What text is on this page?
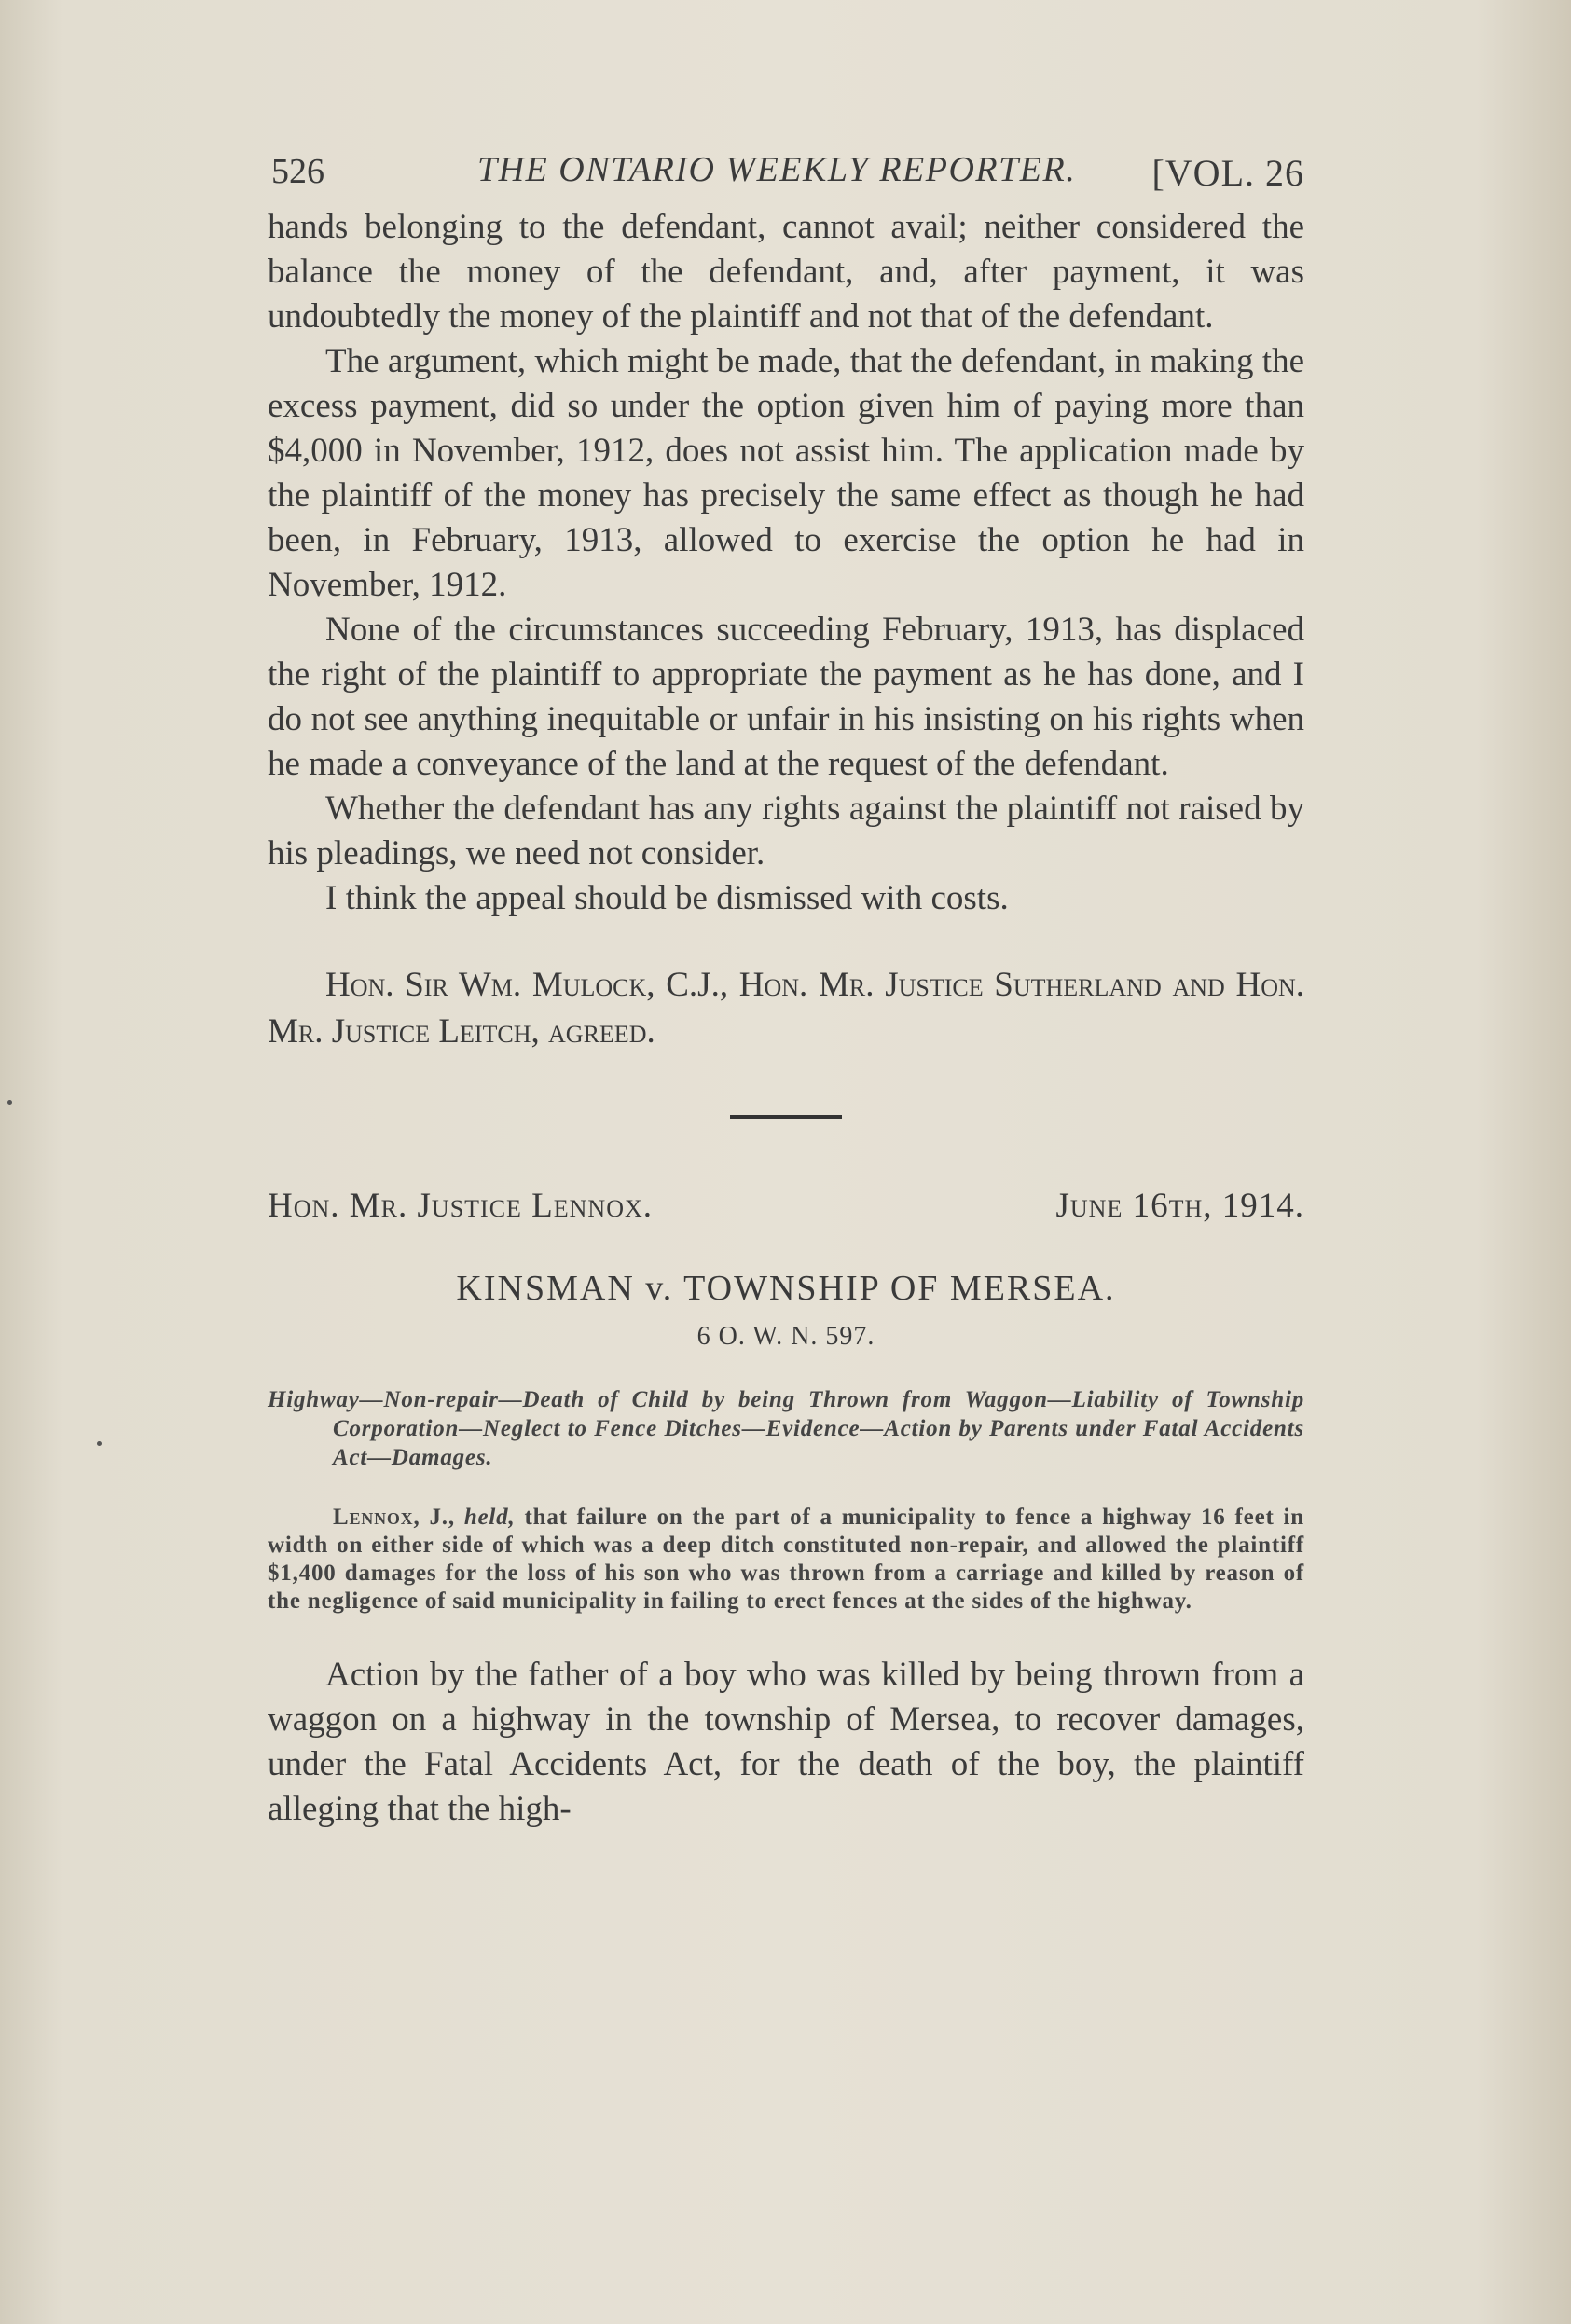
526	THE ONTARIO WEEKLY REPORTER. [VOL. 26

hands belonging to the defendant, cannot avail; neither considered the balance the money of the defendant, and, after payment, it was undoubtedly the money of the plaintiff and not that of the defendant.

The argument, which might be made, that the defendant, in making the excess payment, did so under the option given him of paying more than $4,000 in November, 1912, does not assist him. The application made by the plaintiff of the money has precisely the same effect as though he had been, in February, 1913, allowed to exercise the option he had in November, 1912.

None of the circumstances succeeding February, 1913, has displaced the right of the plaintiff to appropriate the payment as he has done, and I do not see anything inequitable or unfair in his insisting on his rights when he made a conveyance of the land at the request of the defendant.

Whether the defendant has any rights against the plaintiff not raised by his pleadings, we need not consider.

I think the appeal should be dismissed with costs.

Hon. Sir Wm. Mulock, C.J., Hon. Mr. Justice Sutherland and Hon. Mr. Justice Leitch, agreed.

Hon. Mr. Justice Lennox.	June 16th, 1914.
KINSMAN v. TOWNSHIP OF MERSEA.
6 O. W. N. 597.

Highway—Non-repair—Death of Child by being Thrown from Waggon—Liability of Township Corporation—Neglect to Fence Ditches—Evidence—Action by Parents under Fatal Accidents Act—Damages.

Lennox, J., held, that failure on the part of a municipality to fence a highway 16 feet in width on either side of which was a deep ditch constituted non-repair, and allowed the plaintiff $1,400 damages for the loss of his son who was thrown from a carriage and killed by reason of the negligence of said municipality in failing to erect fences at the sides of the highway.

Action by the father of a boy who was killed by being thrown from a waggon on a highway in the township of Mersea, to recover damages, under the Fatal Accidents Act, for the death of the boy, the plaintiff alleging that the high-
